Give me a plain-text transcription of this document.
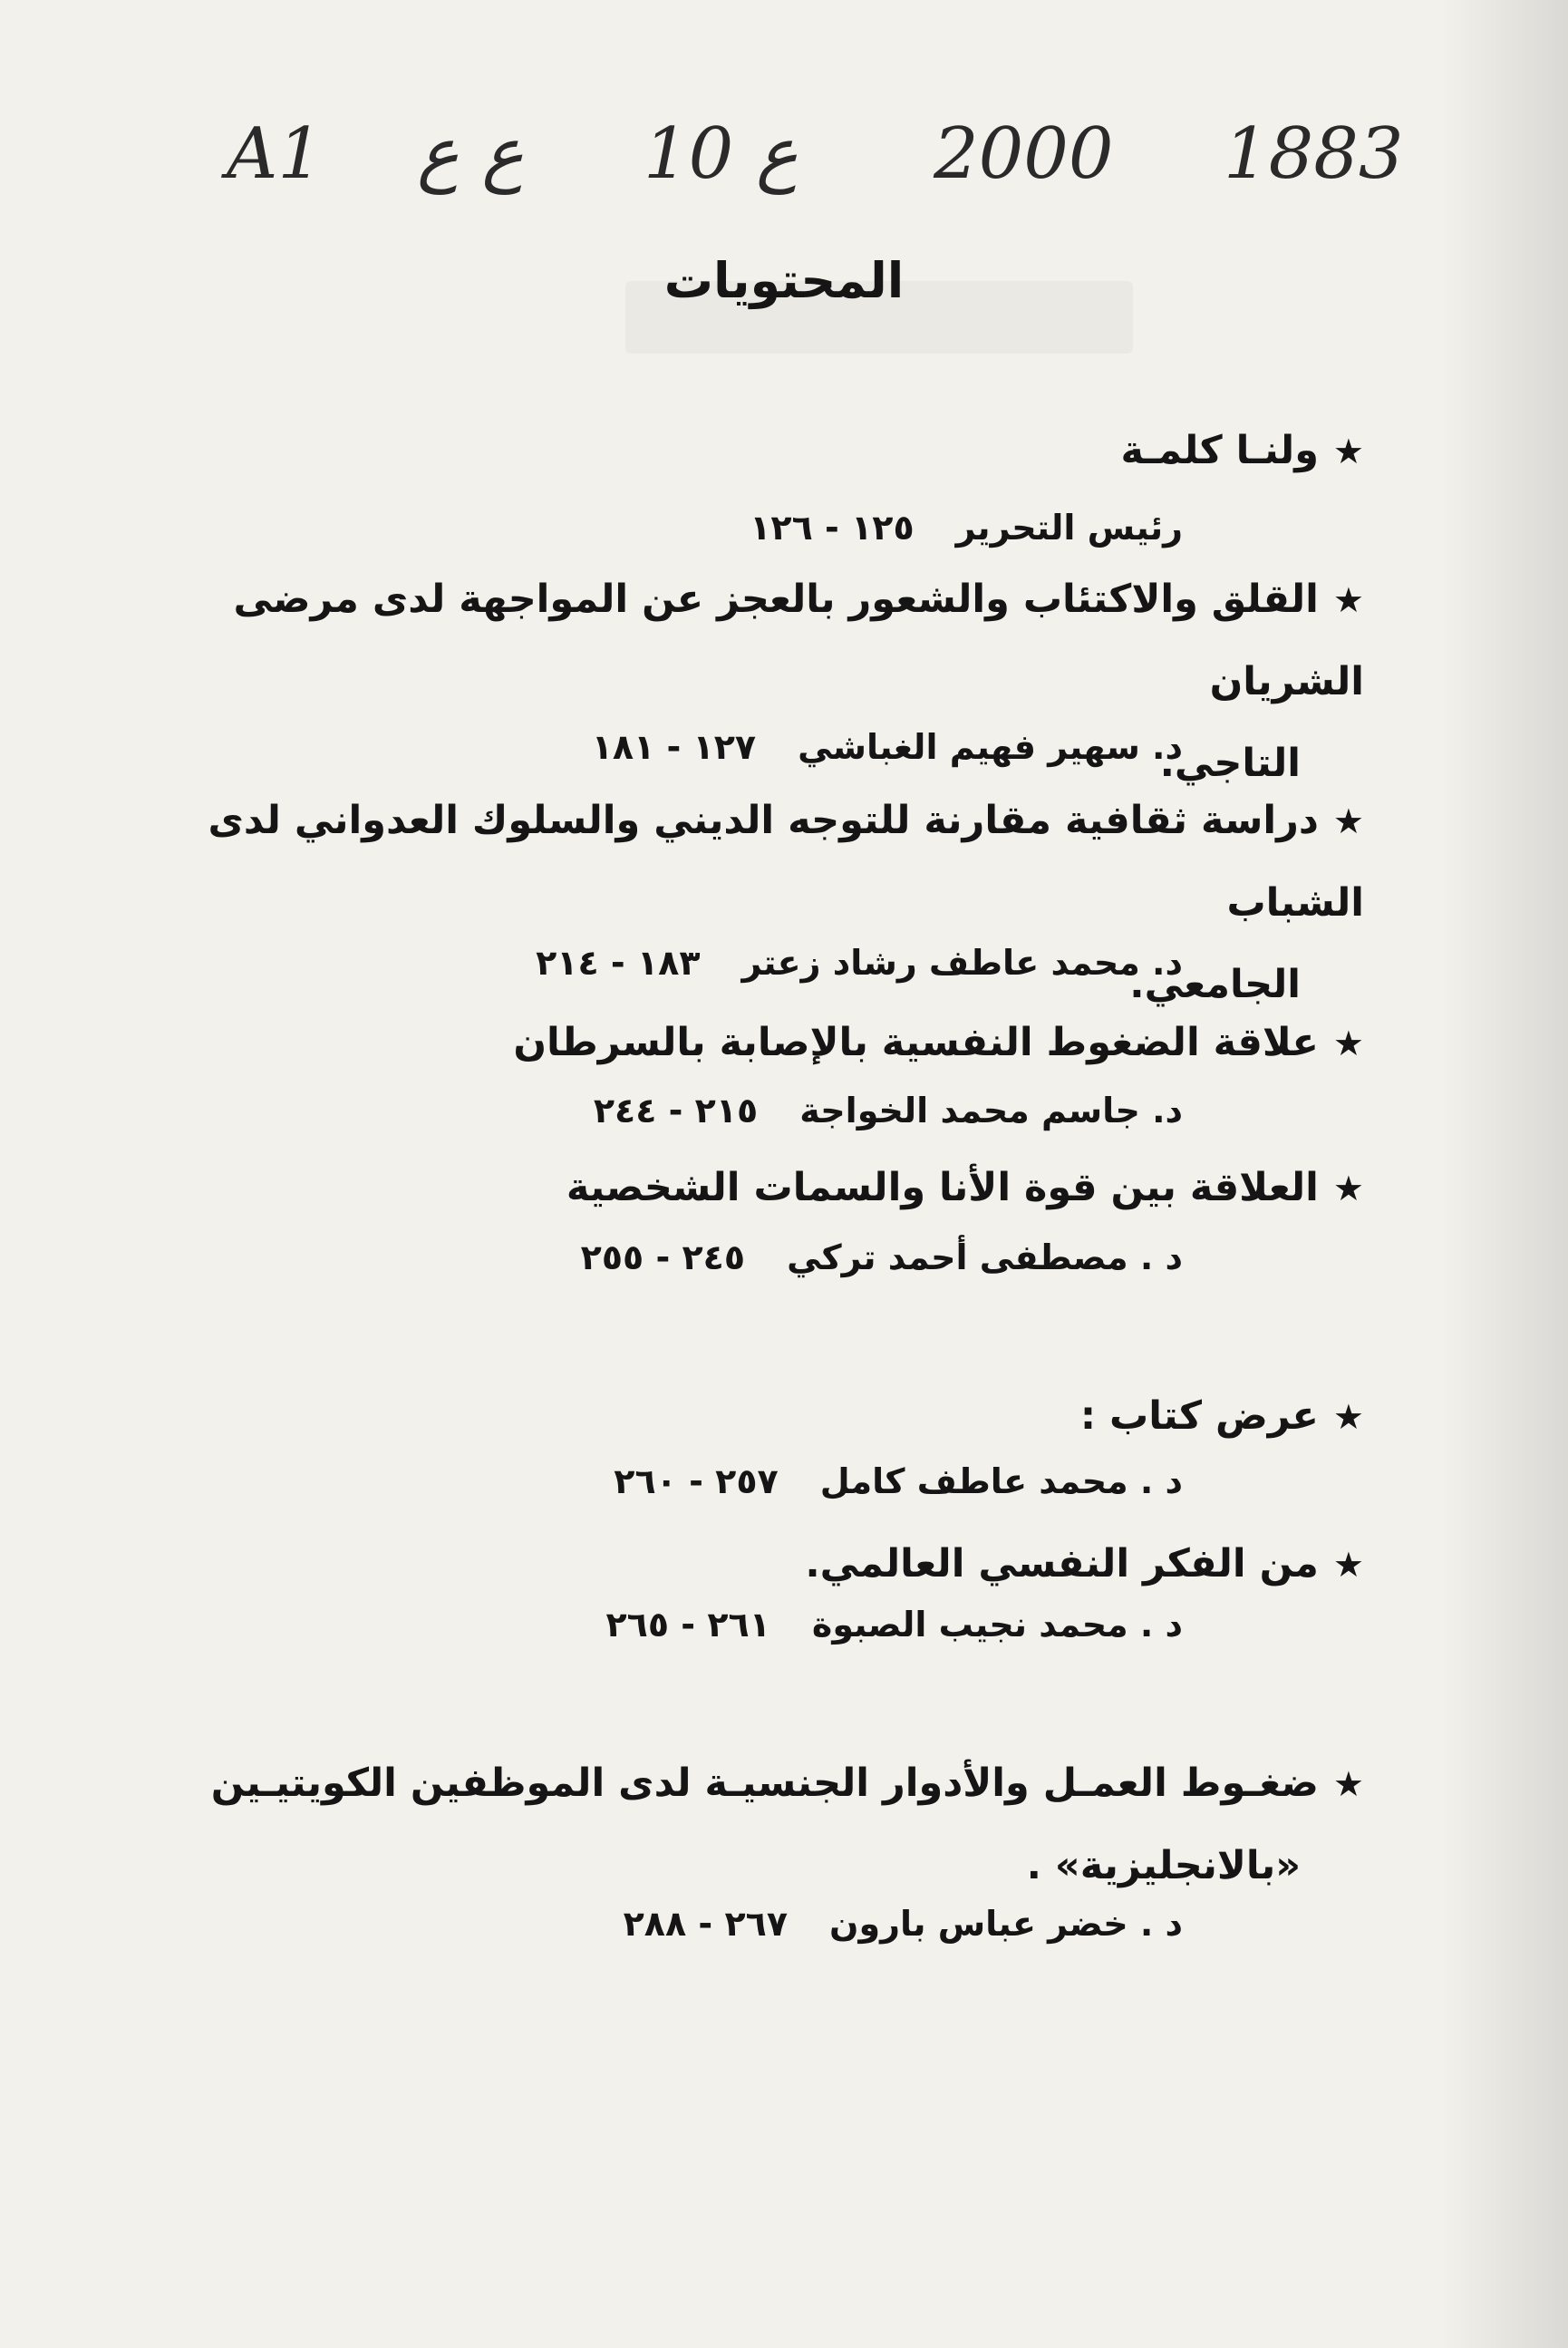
A1 ع ع 10 ع 2000 1883
المحتويات
★ولنـا كلمـة
رئيس التحرير١٢٥ - ١٢٦
★القلق والاكتئاب والشعور بالعجز عن المواجهة لدى مرضى الشريان
التاجي.
د. سهير فهيم الغباشي١٢٧ - ١٨١
★دراسة ثقافية مقارنة للتوجه الديني والسلوك العدواني لدى الشباب
الجامعي.
د. محمد عاطف رشاد زعتر١٨٣ - ٢١٤
★علاقة الضغوط النفسية بالإصابة بالسرطان
د. جاسم محمد الخواجة٢١٥ - ٢٤٤
★العلاقة بين قوة الأنا والسمات الشخصية
د . مصطفى أحمد تركي٢٤٥ - ٢٥٥
★عرض كتاب :
د . محمد عاطف كامل٢٥٧ - ٢٦٠
★من الفكر النفسي العالمي.
د . محمد نجيب الصبوة٢٦١ - ٢٦٥
★ضغـوط العمـل والأدوار الجنسيـة لدى الموظفين الكويتيـين
«بالانجليزية» .
د . خضر عباس بارون٢٦٧ - ٢٨٨
